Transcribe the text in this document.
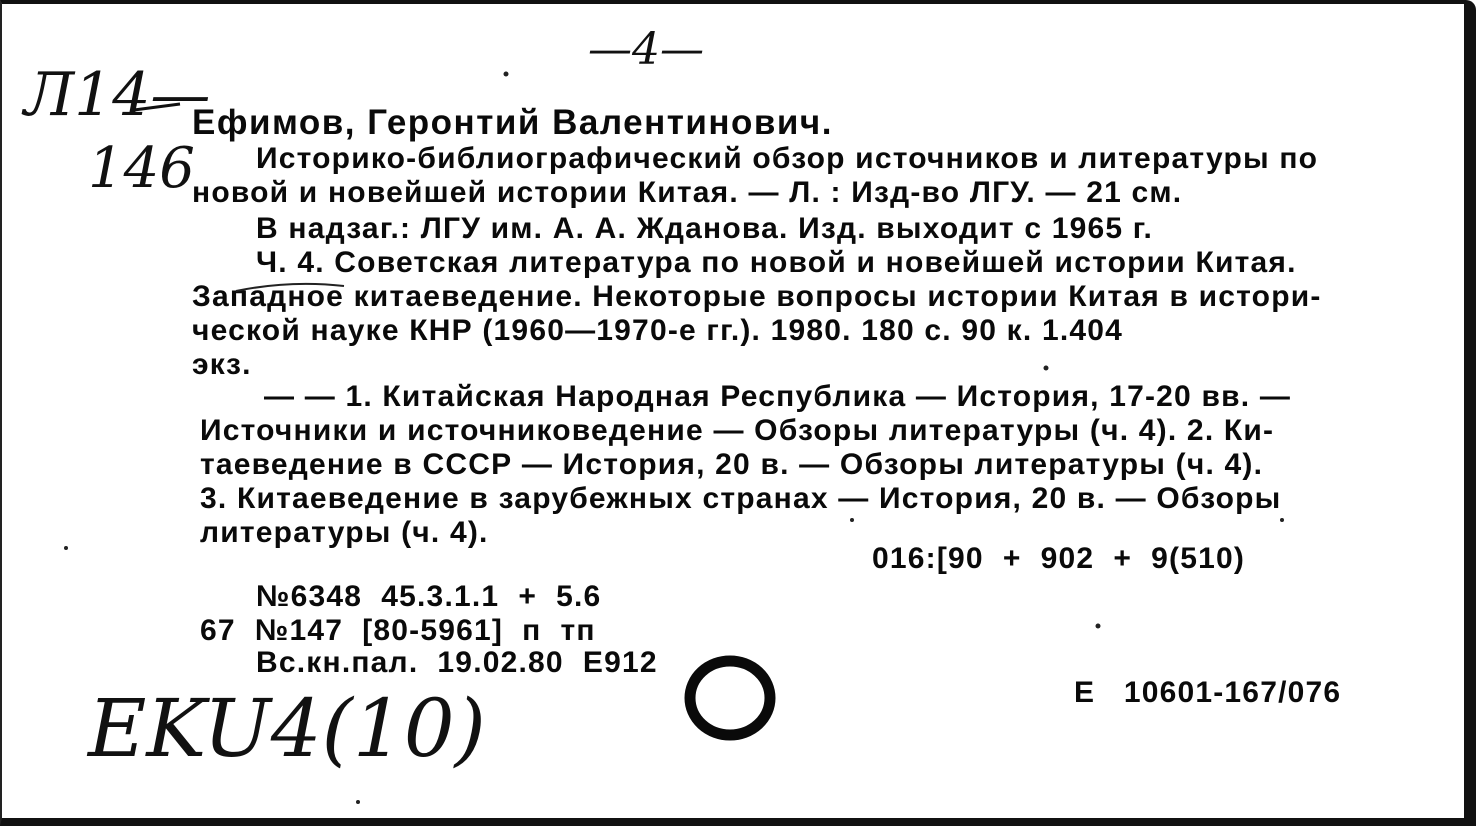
—4—
Л14—
146
EKU4(10)
Ефимов, Геронтий Валентинович.
Историко-библиографический обзор источников и литературы по
новой и новейшей истории Китая. — Л. : Изд-во ЛГУ. — 21 см.
В надзаг.: ЛГУ им. А. А. Жданова. Изд. выходит с 1965 г.
Ч. 4. Советская литература по новой и новейшей истории Китая.
Западное китаеведение. Некоторые вопросы истории Китая в истори-
ческой науке КНР (1960—1970-е гг.). 1980. 180 с. 90 к. 1.404
экз.
— — 1. Китайская Народная Республика — История, 17-20 вв. —
Источники и источниковедение — Обзоры литературы (ч. 4). 2. Ки-
таеведение в СССР — История, 20 в. — Обзоры литературы (ч. 4).
3. Китаеведение в зарубежных странах — История, 20 в. — Обзоры
литературы (ч. 4).
016:[90  +  902  +  9(510)
№6348  45.3.1.1  +  5.6
67  №147  [80-5961]  п  тп
Вс.кн.пал.  19.02.80  Е912
Е   10601-167/076
